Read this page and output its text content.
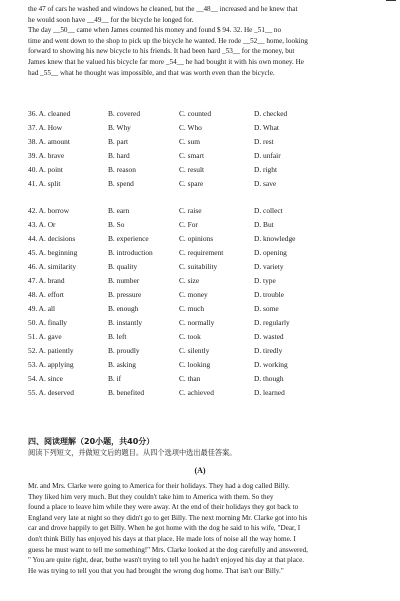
the 47 of cars he washed and windows he cleaned, but the __48__ increased and he knew that
he would soon have __49__ for the bicycle he longed for.
The day __50__ came when James counted his money and found $ 94. 32. He _51__ no
time and went down to the shop to pick up the bicycle he wanted. He rode __52__ home, looking
forward to showing his new bicycle to his friends. It had been hard _53__ for the money, but
James knew that he valued his bicycle far more _54__ he had bought it with his own money. He
had _55__ what he thought was impossible, and that was worth even than the bicycle.
36. A. cleaned	B. covered	C. counted	D. checked
37. A. How	B. Why	C. Who	D. What
38. A. amount	B. part	C. sum	D. rest
39. A. brave	B. hard	C. smart	D. unfair
40. A. point	B. reason	C. result	D. right
41. A. split	B. spend	C. spare	D. save
42. A. borrow	B. earn	C. raise	D. collect
43. A. Or	B. So	C. For	D. But
44. A. decisions	B. experience	C. opinions	D. knowledge
45. A. beginning	B. introduction	C. requirement	D. opening
46. A. similarity	B. quality	C. suitability	D. variety
47. A. brand	B. number	C. size	D. type
48. A. effort	B. pressure	C. money	D. trouble
49. A. all	B. enough	C. much	D. some
50. A. finally	B. instantly	C. normally	D. regularly
51. A. gave	B. left	C. took	D. wasted
52. A. patiently	B. proudly	C. silently	D. tiredly
53. A. applying	B. asking	C. looking	D. working
54. A. since	B. if	C. than	D. though
55. A. deserved	B. benefited	C. achieved	D. learned
四、阅读理解（20小题，共40分）
阅读下列短文，并做短文后的题目。从四个选项中选出最佳答案。
(A)
Mr. and Mrs. Clarke were going to America for their holidays. They had a dog called Billy.
They liked him very much. But they couldn't take him to America with them. So they
found a place to leave him while they were away. At the end of their holidays they got back to
England very late at night so they didn't go to get Billy. The next morning Mr. Clarke got into his
car and drove happily to get Billy. When he got home with the dog he said to his wife, "Dear, I
don't think Billy has enjoyed his days at that place. He made lots of noise all the way home. I
guess he must want to tell me something!" Mrs. Clarke looked at the dog carefully and answered,
" You are quite right, dear, buthe wasn't trying to tell you he hadn't enjoyed his day at that place.
He was trying to tell you that you had brought the wrong dog home. That isn't our Billy."
